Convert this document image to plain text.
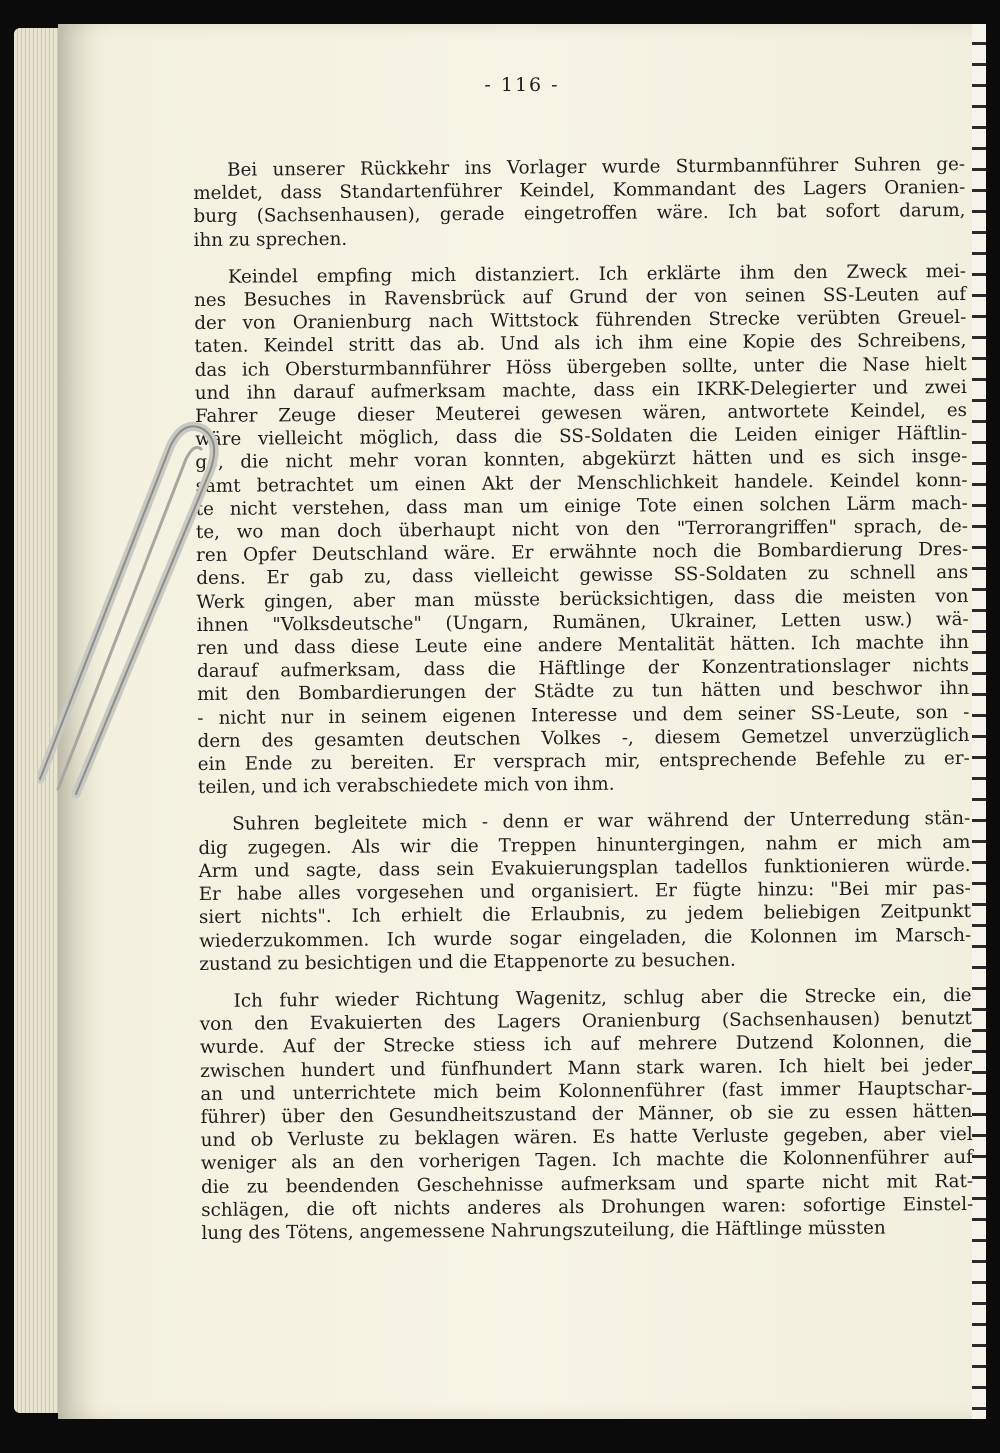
- 116 -
Bei unserer Rückkehr ins Vorlager wurde Sturmbannführer Suhren ge-
meldet, dass Standartenführer Keindel, Kommandant des Lagers Oranien-
burg (Sachsenhausen), gerade eingetroffen wäre. Ich bat sofort darum,
ihn zu sprechen.
Keindel empfing mich distanziert. Ich erklärte ihm den Zweck mei-
nes Besuches in Ravensbrück auf Grund der von seinen SS-Leuten auf
der von Oranienburg nach Wittstock führenden Strecke verübten Greuel-
taten. Keindel stritt das ab. Und als ich ihm eine Kopie des Schreibens,
das ich Obersturmbannführer Höss übergeben sollte, unter die Nase hielt
und ihn darauf aufmerksam machte, dass ein IKRK-Delegierter und zwei
Fahrer Zeuge dieser Meuterei gewesen wären, antwortete Keindel, es
wäre vielleicht möglich, dass die SS-Soldaten die Leiden einiger Häftlin-
ge, die nicht mehr voran konnten, abgekürzt hätten und es sich insge-
samt betrachtet um einen Akt der Menschlichkeit handele. Keindel konn-
te nicht verstehen, dass man um einige Tote einen solchen Lärm mach-
te, wo man doch überhaupt nicht von den "Terrorangriffen" sprach, de-
ren Opfer Deutschland wäre. Er erwähnte noch die Bombardierung Dres-
dens. Er gab zu, dass vielleicht gewisse SS-Soldaten zu schnell ans
Werk gingen, aber man müsste berücksichtigen, dass die meisten von
ihnen "Volksdeutsche" (Ungarn, Rumänen, Ukrainer, Letten usw.) wä-
ren und dass diese Leute eine andere Mentalität hätten. Ich machte ihn
darauf aufmerksam, dass die Häftlinge der Konzentrationslager nichts
mit den Bombardierungen der Städte zu tun hätten und beschwor ihn
- nicht nur in seinem eigenen Interesse und dem seiner SS-Leute, son -
dern des gesamten deutschen Volkes -, diesem Gemetzel unverzüglich
ein Ende zu bereiten. Er versprach mir, entsprechende Befehle zu er-
teilen, und ich verabschiedete mich von ihm.
Suhren begleitete mich - denn er war während der Unterredung stän-
dig zugegen. Als wir die Treppen hinuntergingen, nahm er mich am
Arm und sagte, dass sein Evakuierungsplan tadellos funktionieren würde.
Er habe alles vorgesehen und organisiert. Er fügte hinzu: "Bei mir pas-
siert nichts". Ich erhielt die Erlaubnis, zu jedem beliebigen Zeitpunkt
wiederzukommen. Ich wurde sogar eingeladen, die Kolonnen im Marsch-
zustand zu besichtigen und die Etappenorte zu besuchen.
Ich fuhr wieder Richtung Wagenitz, schlug aber die Strecke ein, die
von den Evakuierten des Lagers Oranienburg (Sachsenhausen) benutzt
wurde. Auf der Strecke stiess ich auf mehrere Dutzend Kolonnen, die
zwischen hundert und fünfhundert Mann stark waren. Ich hielt bei jeder
an und unterrichtete mich beim Kolonnenführer (fast immer Hauptschar-
führer) über den Gesundheitszustand der Männer, ob sie zu essen hätten
und ob Verluste zu beklagen wären. Es hatte Verluste gegeben, aber viel
weniger als an den vorherigen Tagen. Ich machte die Kolonnenführer auf
die zu beendenden Geschehnisse aufmerksam und sparte nicht mit Rat-
schlägen, die oft nichts anderes als Drohungen waren: sofortige Einstel-
lung des Tötens, angemessene Nahrungszuteilung, die Häftlinge müssten
